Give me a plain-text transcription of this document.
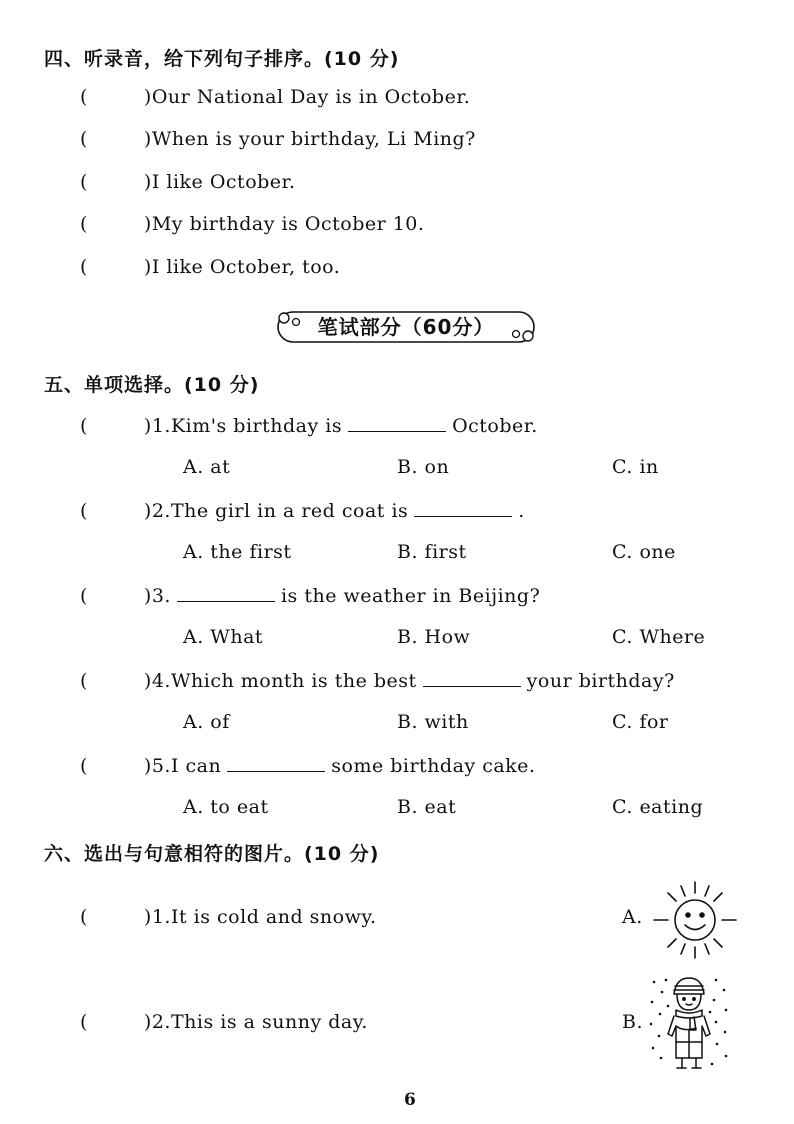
四、听录音，给下列句子排序。(10 分)
(	)Our National Day is in October.
(	)When is your birthday, Li Ming?
(	)I like October.
(	)My birthday is October 10.
(	)I like October, too.
笔试部分（60分）
五、单项选择。(10 分)
(	)1.Kim's birthday is	October.
A. at	B. on	C. in
(	)2.The girl in a red coat is	.
A. the first	B. first	C. one
(	)3.	is the weather in Beijing?
A. What	B. How	C. Where
(	)4.Which month is the best	your birthday?
A. of	B. with	C. for
(	)5.I can	some birthday cake.
A. to eat	B. eat	C. eating
六、选出与句意相符的图片。(10 分)
(	)1.It is cold and snowy.	A.
(	)2.This is a sunny day.	B.
6
